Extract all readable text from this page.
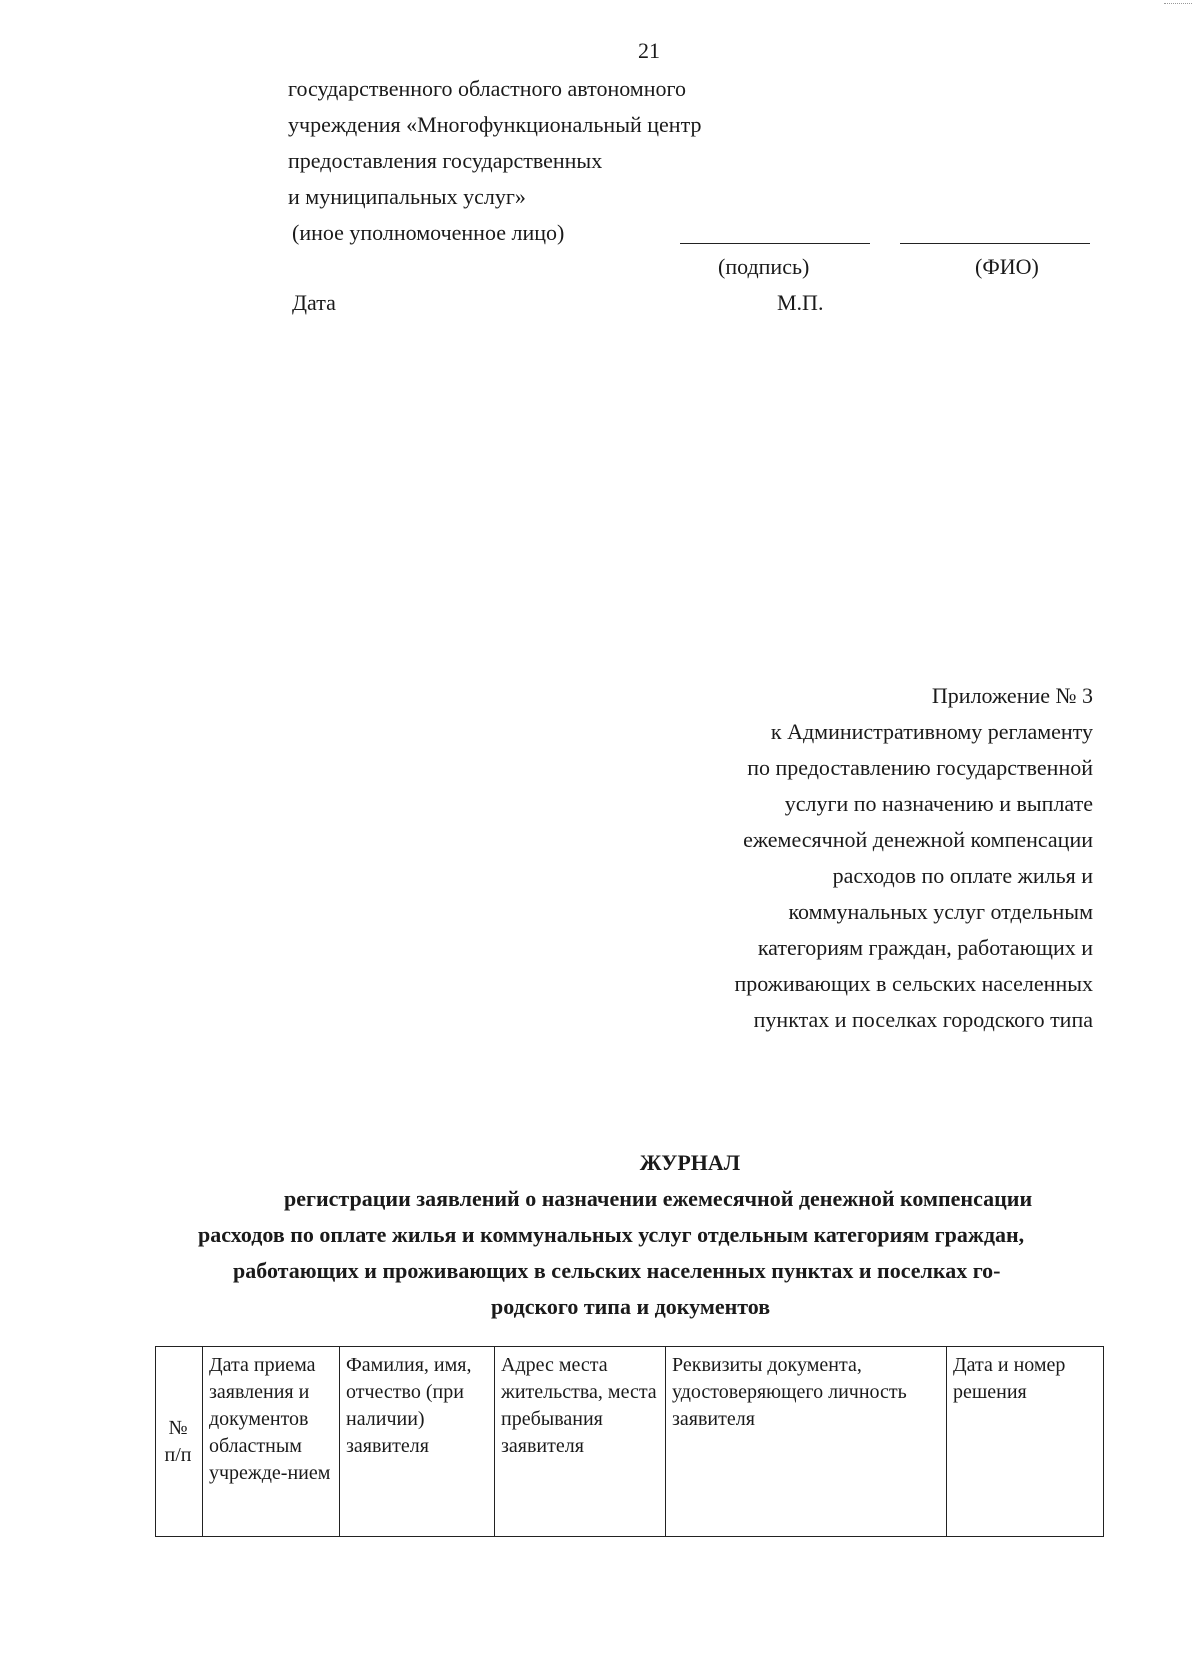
21
государственного областного автономного
учреждения «Многофункциональный центр
предоставления государственных
и муниципальных услуг»
(иное уполномоченное лицо)
(подпись)	(ФИО)
Дата	М.П.
Приложение № 3
к Административному регламенту
по предоставлению государственной
услуги по назначению и выплате
ежемесячной денежной компенсации
расходов по оплате жилья и
коммунальных услуг отдельным
категориям граждан, работающих и
проживающих в сельских населенных
пунктах и поселках городского типа
ЖУРНАЛ
регистрации заявлений о назначении ежемесячной денежной компенсации
расходов по оплате жилья и коммунальных услуг отдельным категориям граждан,
работающих и проживающих в сельских населенных пунктах и поселках го-
родского типа и документов
№ п/п	Дата приема заявления и документов областным учрежде-нием	Фамилия, имя, отчество (при наличии) заявителя	Адрес места жительства, места пребывания заявителя	Реквизиты документа, удостоверяющего личность заявителя	Дата и номер решения
